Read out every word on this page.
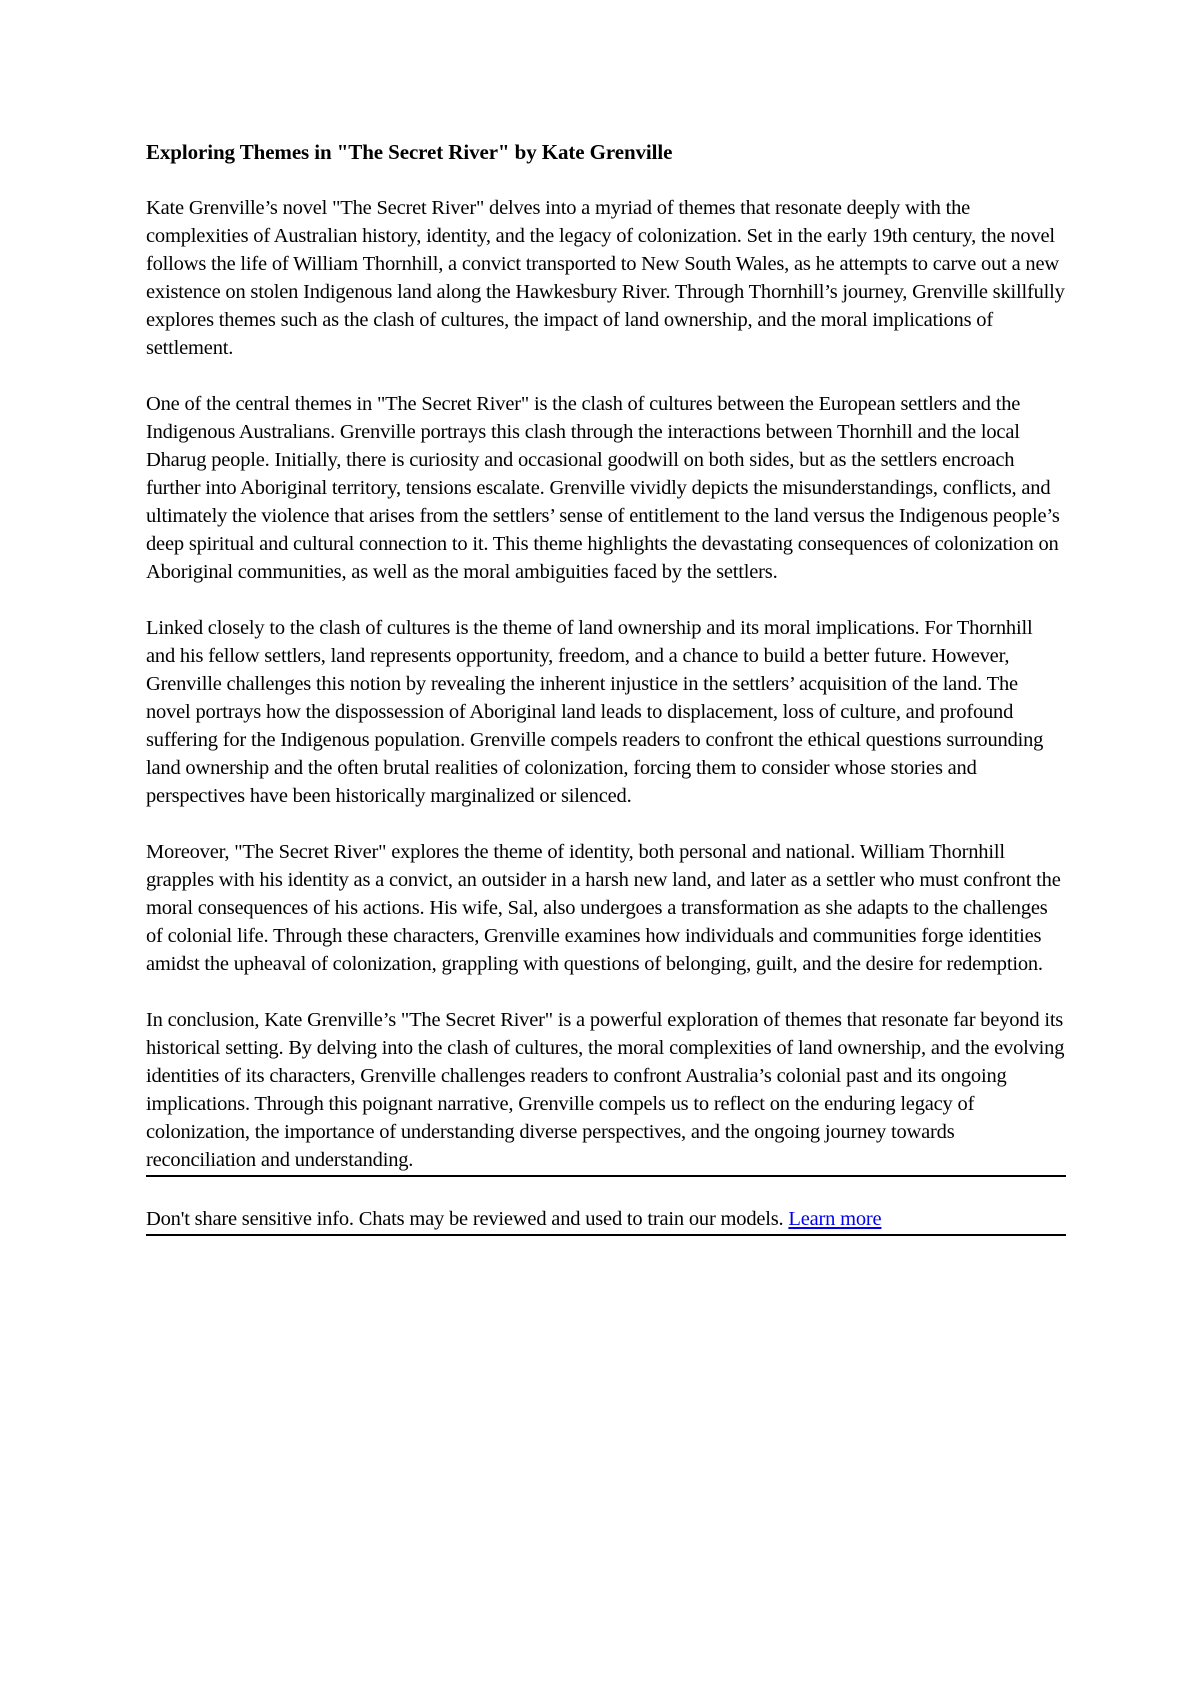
Exploring Themes in "The Secret River" by Kate Grenville

Kate Grenville’s novel "The Secret River" delves into a myriad of themes that resonate deeply with the complexities of Australian history, identity, and the legacy of colonization. Set in the early 19th century, the novel follows the life of William Thornhill, a convict transported to New South Wales, as he attempts to carve out a new existence on stolen Indigenous land along the Hawkesbury River. Through Thornhill’s journey, Grenville skillfully explores themes such as the clash of cultures, the impact of land ownership, and the moral implications of settlement.

One of the central themes in "The Secret River" is the clash of cultures between the European settlers and the Indigenous Australians. Grenville portrays this clash through the interactions between Thornhill and the local Dharug people. Initially, there is curiosity and occasional goodwill on both sides, but as the settlers encroach further into Aboriginal territory, tensions escalate. Grenville vividly depicts the misunderstandings, conflicts, and ultimately the violence that arises from the settlers’ sense of entitlement to the land versus the Indigenous people’s deep spiritual and cultural connection to it. This theme highlights the devastating consequences of colonization on Aboriginal communities, as well as the moral ambiguities faced by the settlers.

Linked closely to the clash of cultures is the theme of land ownership and its moral implications. For Thornhill and his fellow settlers, land represents opportunity, freedom, and a chance to build a better future. However, Grenville challenges this notion by revealing the inherent injustice in the settlers’ acquisition of the land. The novel portrays how the dispossession of Aboriginal land leads to displacement, loss of culture, and profound suffering for the Indigenous population. Grenville compels readers to confront the ethical questions surrounding land ownership and the often brutal realities of colonization, forcing them to consider whose stories and perspectives have been historically marginalized or silenced.

Moreover, "The Secret River" explores the theme of identity, both personal and national. William Thornhill grapples with his identity as a convict, an outsider in a harsh new land, and later as a settler who must confront the moral consequences of his actions. His wife, Sal, also undergoes a transformation as she adapts to the challenges of colonial life. Through these characters, Grenville examines how individuals and communities forge identities amidst the upheaval of colonization, grappling with questions of belonging, guilt, and the desire for redemption.

In conclusion, Kate Grenville’s "The Secret River" is a powerful exploration of themes that resonate far beyond its historical setting. By delving into the clash of cultures, the moral complexities of land ownership, and the evolving identities of its characters, Grenville challenges readers to confront Australia’s colonial past and its ongoing implications. Through this poignant narrative, Grenville compels us to reflect on the enduring legacy of colonization, the importance of understanding diverse perspectives, and the ongoing journey towards reconciliation and understanding.

Don't share sensitive info. Chats may be reviewed and used to train our models. Learn more
